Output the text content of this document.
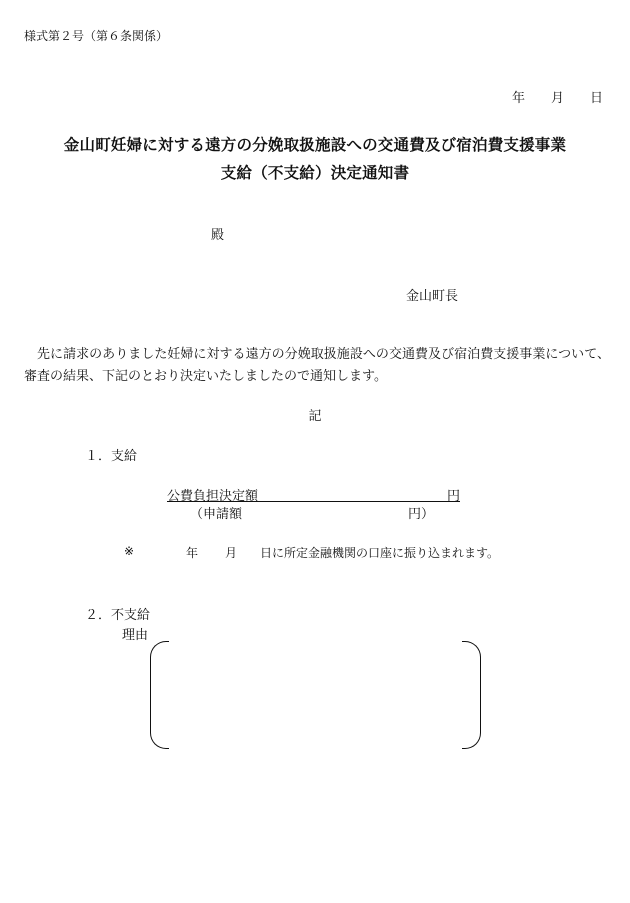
様式第２号（第６条関係）
年 月 日
金山町妊婦に対する遠方の分娩取扱施設への交通費及び宿泊費支援事業
支給（不支給）決定通知書
殿
金山町長
先に請求のありました妊婦に対する遠方の分娩取扱施設への交通費及び宿泊費支援事業について、審査の結果、下記のとおり決定いたしましたので通知します。
記
１．支給
公費負担決定額	円
（申請額	円）
※	年 月 日に所定金融機関の口座に振り込まれます。
２．不支給
理由
